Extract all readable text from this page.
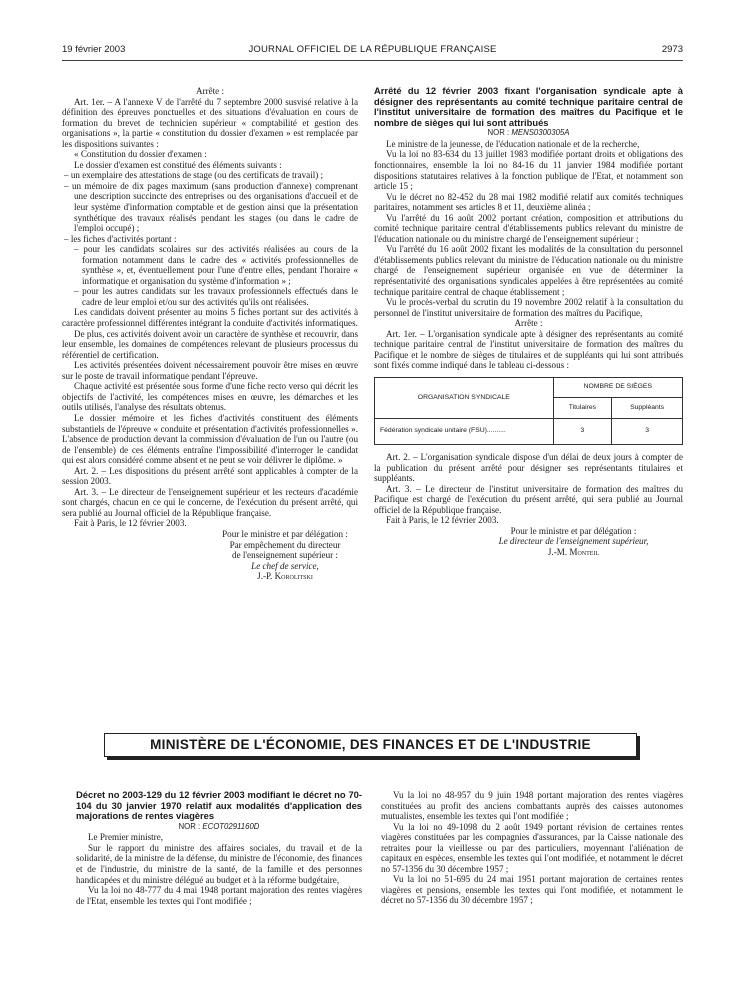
19 février 2003	JOURNAL OFFICIEL DE LA RÉPUBLIQUE FRANÇAISE	2973

Arrête :

Art. 1er. – A l'annexe V de l'arrêté du 7 septembre 2000 susvisé relative à la définition des épreuves ponctuelles et des situations d'évaluation en cours de formation du brevet de technicien supérieur « comptabilité et gestion des organisations », la partie « constitution du dossier d'examen » est remplacée par les dispositions suivantes :

« Constitution du dossier d'examen :

Le dossier d'examen est constitué des éléments suivants :

– un exemplaire des attestations de stage (ou des certificats de travail) ;

– un mémoire de dix pages maximum (sans production d'annexe) comprenant une description succincte des entreprises ou des organisations d'accueil et de leur système d'information comptable et de gestion ainsi que la présentation synthétique des travaux réalisés pendant les stages (ou dans le cadre de l'emploi occupé) ;

– les fiches d'activités portant :

– pour les candidats scolaires sur des activités réalisées au cours de la formation notamment dans le cadre des « activités professionnelles de synthèse », et, éventuellement pour l'une d'entre elles, pendant l'horaire « informatique et organisation du système d'information » ;

– pour les autres candidats sur les travaux professionnels effectués dans le cadre de leur emploi et/ou sur des activités qu'ils ont réalisées.

Les candidats doivent présenter au moins 5 fiches portant sur des activités à caractère professionnel différentes intégrant la conduite d'activités informatiques.

De plus, ces activités doivent avoir un caractère de synthèse et recouvrir, dans leur ensemble, les domaines de compétences relevant de plusieurs processus du référentiel de certification.

Les activités présentées doivent nécessairement pouvoir être mises en œuvre sur le poste de travail informatique pendant l'épreuve.

Chaque activité est présentée sous forme d'une fiche recto verso qui décrit les objectifs de l'activité, les compétences mises en œuvre, les démarches et les outils utilisés, l'analyse des résultats obtenus.

Le dossier mémoire et les fiches d'activités constituent des éléments substantiels de l'épreuve « conduite et présentation d'activités professionnelles ». L'absence de production devant la commission d'évaluation de l'un ou l'autre (ou de l'ensemble) de ces éléments entraîne l'impossibilité d'interroger le candidat qui est alors considéré comme absent et ne peut se voir délivrer le diplôme. »

Art. 2. – Les dispositions du présent arrêté sont applicables à compter de la session 2003.

Art. 3. – Le directeur de l'enseignement supérieur et les recteurs d'académie sont chargés, chacun en ce qui le concerne, de l'exécution du présent arrêté, qui sera publié au Journal officiel de la République française.

Fait à Paris, le 12 février 2003.

Pour le ministre et par délégation :

Par empêchement du directeur

de l'enseignement supérieur :

Le chef de service,

J.-P. Korolitski

Arrêté du 12 février 2003 fixant l'organisation syndicale apte à désigner des représentants au comité technique paritaire central de l'institut universitaire de formation des maîtres du Pacifique et le nombre de sièges qui lui sont attribués

NOR : MENS0300305A

Le ministre de la jeunesse, de l'éducation nationale et de la recherche,

Vu la loi no 83-634 du 13 juillet 1983 modifiée portant droits et obligations des fonctionnaires, ensemble la loi no 84-16 du 11 janvier 1984 modifiée portant dispositions statutaires relatives à la fonction publique de l'Etat, et notamment son article 15 ;

Vu le décret no 82-452 du 28 mai 1982 modifié relatif aux comités techniques paritaires, notamment ses articles 8 et 11, deuxième alinéa ;

Vu l'arrêté du 16 août 2002 portant création, composition et attributions du comité technique paritaire central d'établissements publics relevant du ministre de l'éducation nationale ou du ministre chargé de l'enseignement supérieur ;

Vu l'arrêté du 16 août 2002 fixant les modalités de la consultation du personnel d'établissements publics relevant du ministre de l'éducation nationale ou du ministre chargé de l'enseignement supérieur organisée en vue de déterminer la représentativité des organisations syndicales appelées à être représentées au comité technique paritaire central de chaque établissement ;

Vu le procès-verbal du scrutin du 19 novembre 2002 relatif à la consultation du personnel de l'institut universitaire de formation des maîtres du Pacifique,

Arrête :

Art. 1er. – L'organisation syndicale apte à désigner des représentants au comité technique paritaire central de l'institut universitaire de formation des maîtres du Pacifique et le nombre de sièges de titulaires et de suppléants qui lui sont attribués sont fixés comme indiqué dans le tableau ci-dessous :

ORGANISATION SYNDICALE	NOMBRE DE SIÈGES	
	Titulaires	Suppléants
Fédération syndicale unitaire (FSU)..........	3	3

Art. 2. – L'organisation syndicale dispose d'un délai de deux jours à compter de la publication du présent arrêté pour désigner ses représentants titulaires et suppléants.

Art. 3. – Le directeur de l'institut universitaire de formation des maîtres du Pacifique est chargé de l'exécution du présent arrêté, qui sera publié au Journal officiel de la République française.

Fait à Paris, le 12 février 2003.

Pour le ministre et par délégation :

Le directeur de l'enseignement supérieur,

J.-M. Monteil

MINISTÈRE DE L'ÉCONOMIE, DES FINANCES ET DE L'INDUSTRIE

Décret no 2003-129 du 12 février 2003 modifiant le décret no 70-104 du 30 janvier 1970 relatif aux modalités d'application des majorations de rentes viagères

NOR : ECOT0291160D

Le Premier ministre,

Sur le rapport du ministre des affaires sociales, du travail et de la solidarité, de la ministre de la défense, du ministre de l'économie, des finances et de l'industrie, du ministre de la santé, de la famille et des personnes handicapées et du ministre délégué au budget et à la réforme budgétaire,

Vu la loi no 48-777 du 4 mai 1948 portant majoration des rentes viagères de l'Etat, ensemble les textes qui l'ont modifiée ;

Vu la loi no 48-957 du 9 juin 1948 portant majoration des rentes viagères constituées au profit des anciens combattants auprès des caisses autonomes mutualistes, ensemble les textes qui l'ont modifiée ;

Vu la loi no 49-1098 du 2 août 1949 portant révision de certaines rentes viagères constituées par les compagnies d'assurances, par la Caisse nationale des retraites pour la vieillesse ou par des particuliers, moyennant l'aliénation de capitaux en espèces, ensemble les textes qui l'ont modifiée, et notamment le décret no 57-1356 du 30 décembre 1957 ;

Vu la loi no 51-695 du 24 mai 1951 portant majoration de certaines rentes viagères et pensions, ensemble les textes qui l'ont modifiée, et notamment le décret no 57-1356 du 30 décembre 1957 ;
